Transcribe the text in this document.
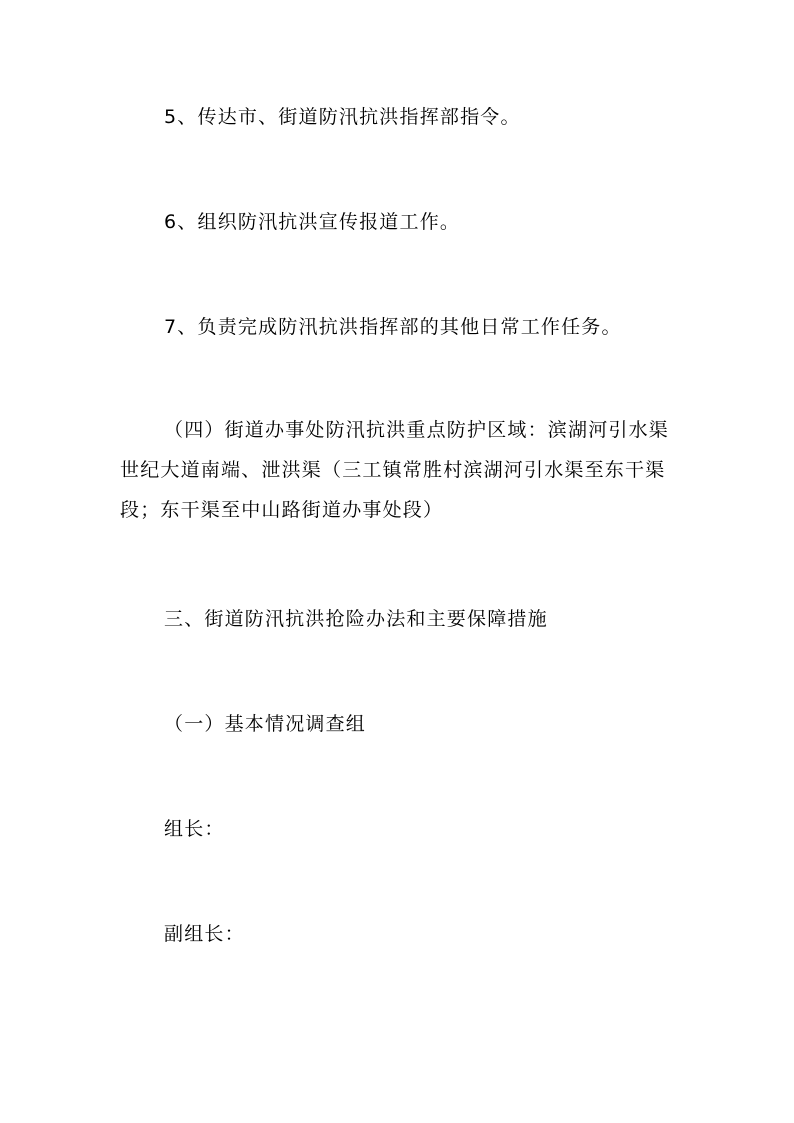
5、传达市、街道防汛抗洪指挥部指令。

6、组织防汛抗洪宣传报道工作。

7、负责完成防汛抗洪指挥部的其他日常工作任务。

（四）街道办事处防汛抗洪重点防护区域：滨湖河引水渠世纪大道南端、泄洪渠（三工镇常胜村滨湖河引水渠至东干渠段；东干渠至中山路街道办事处段）

三、街道防汛抗洪抢险办法和主要保障措施

（一）基本情况调查组

组长：

副组长：
